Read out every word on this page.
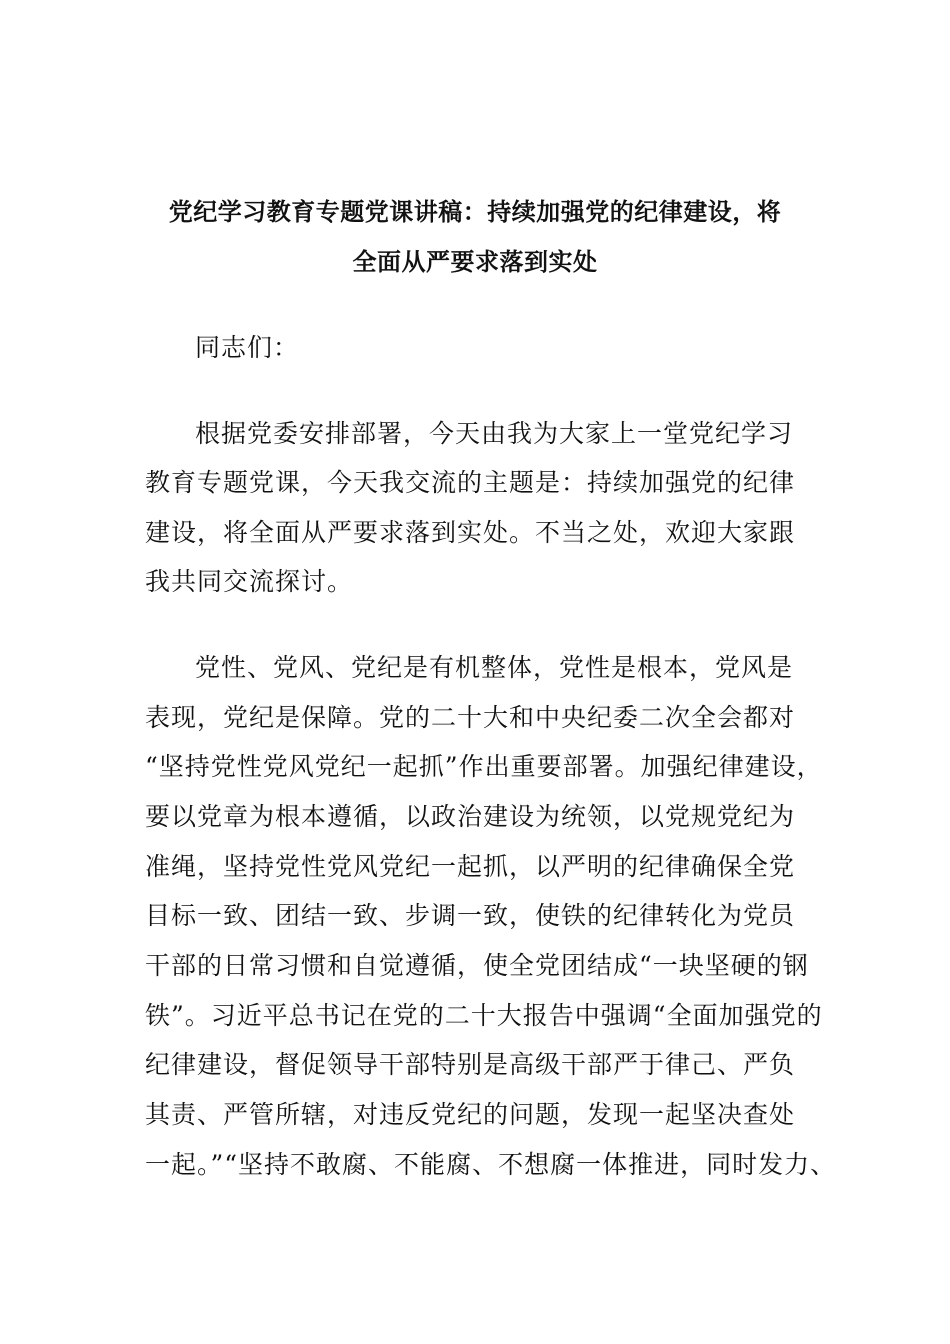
党纪学习教育专题党课讲稿：持续加强党的纪律建设，将
全面从严要求落到实处
同志们：
根据党委安排部署，今天由我为大家上一堂党纪学习
教育专题党课，今天我交流的主题是：持续加强党的纪律
建设，将全面从严要求落到实处。不当之处，欢迎大家跟
我共同交流探讨。
党性、党风、党纪是有机整体，党性是根本，党风是
表现，党纪是保障。党的二十大和中央纪委二次全会都对
“坚持党性党风党纪一起抓”作出重要部署。加强纪律建设，
要以党章为根本遵循，以政治建设为统领，以党规党纪为
准绳，坚持党性党风党纪一起抓，以严明的纪律确保全党
目标一致、团结一致、步调一致，使铁的纪律转化为党员
干部的日常习惯和自觉遵循，使全党团结成“一块坚硬的钢
铁”。习近平总书记在党的二十大报告中强调“全面加强党的
纪律建设，督促领导干部特别是高级干部严于律己、严负
其责、严管所辖，对违反党纪的问题，发现一起坚决查处
一起。”“坚持不敢腐、不能腐、不想腐一体推进，同时发力、
